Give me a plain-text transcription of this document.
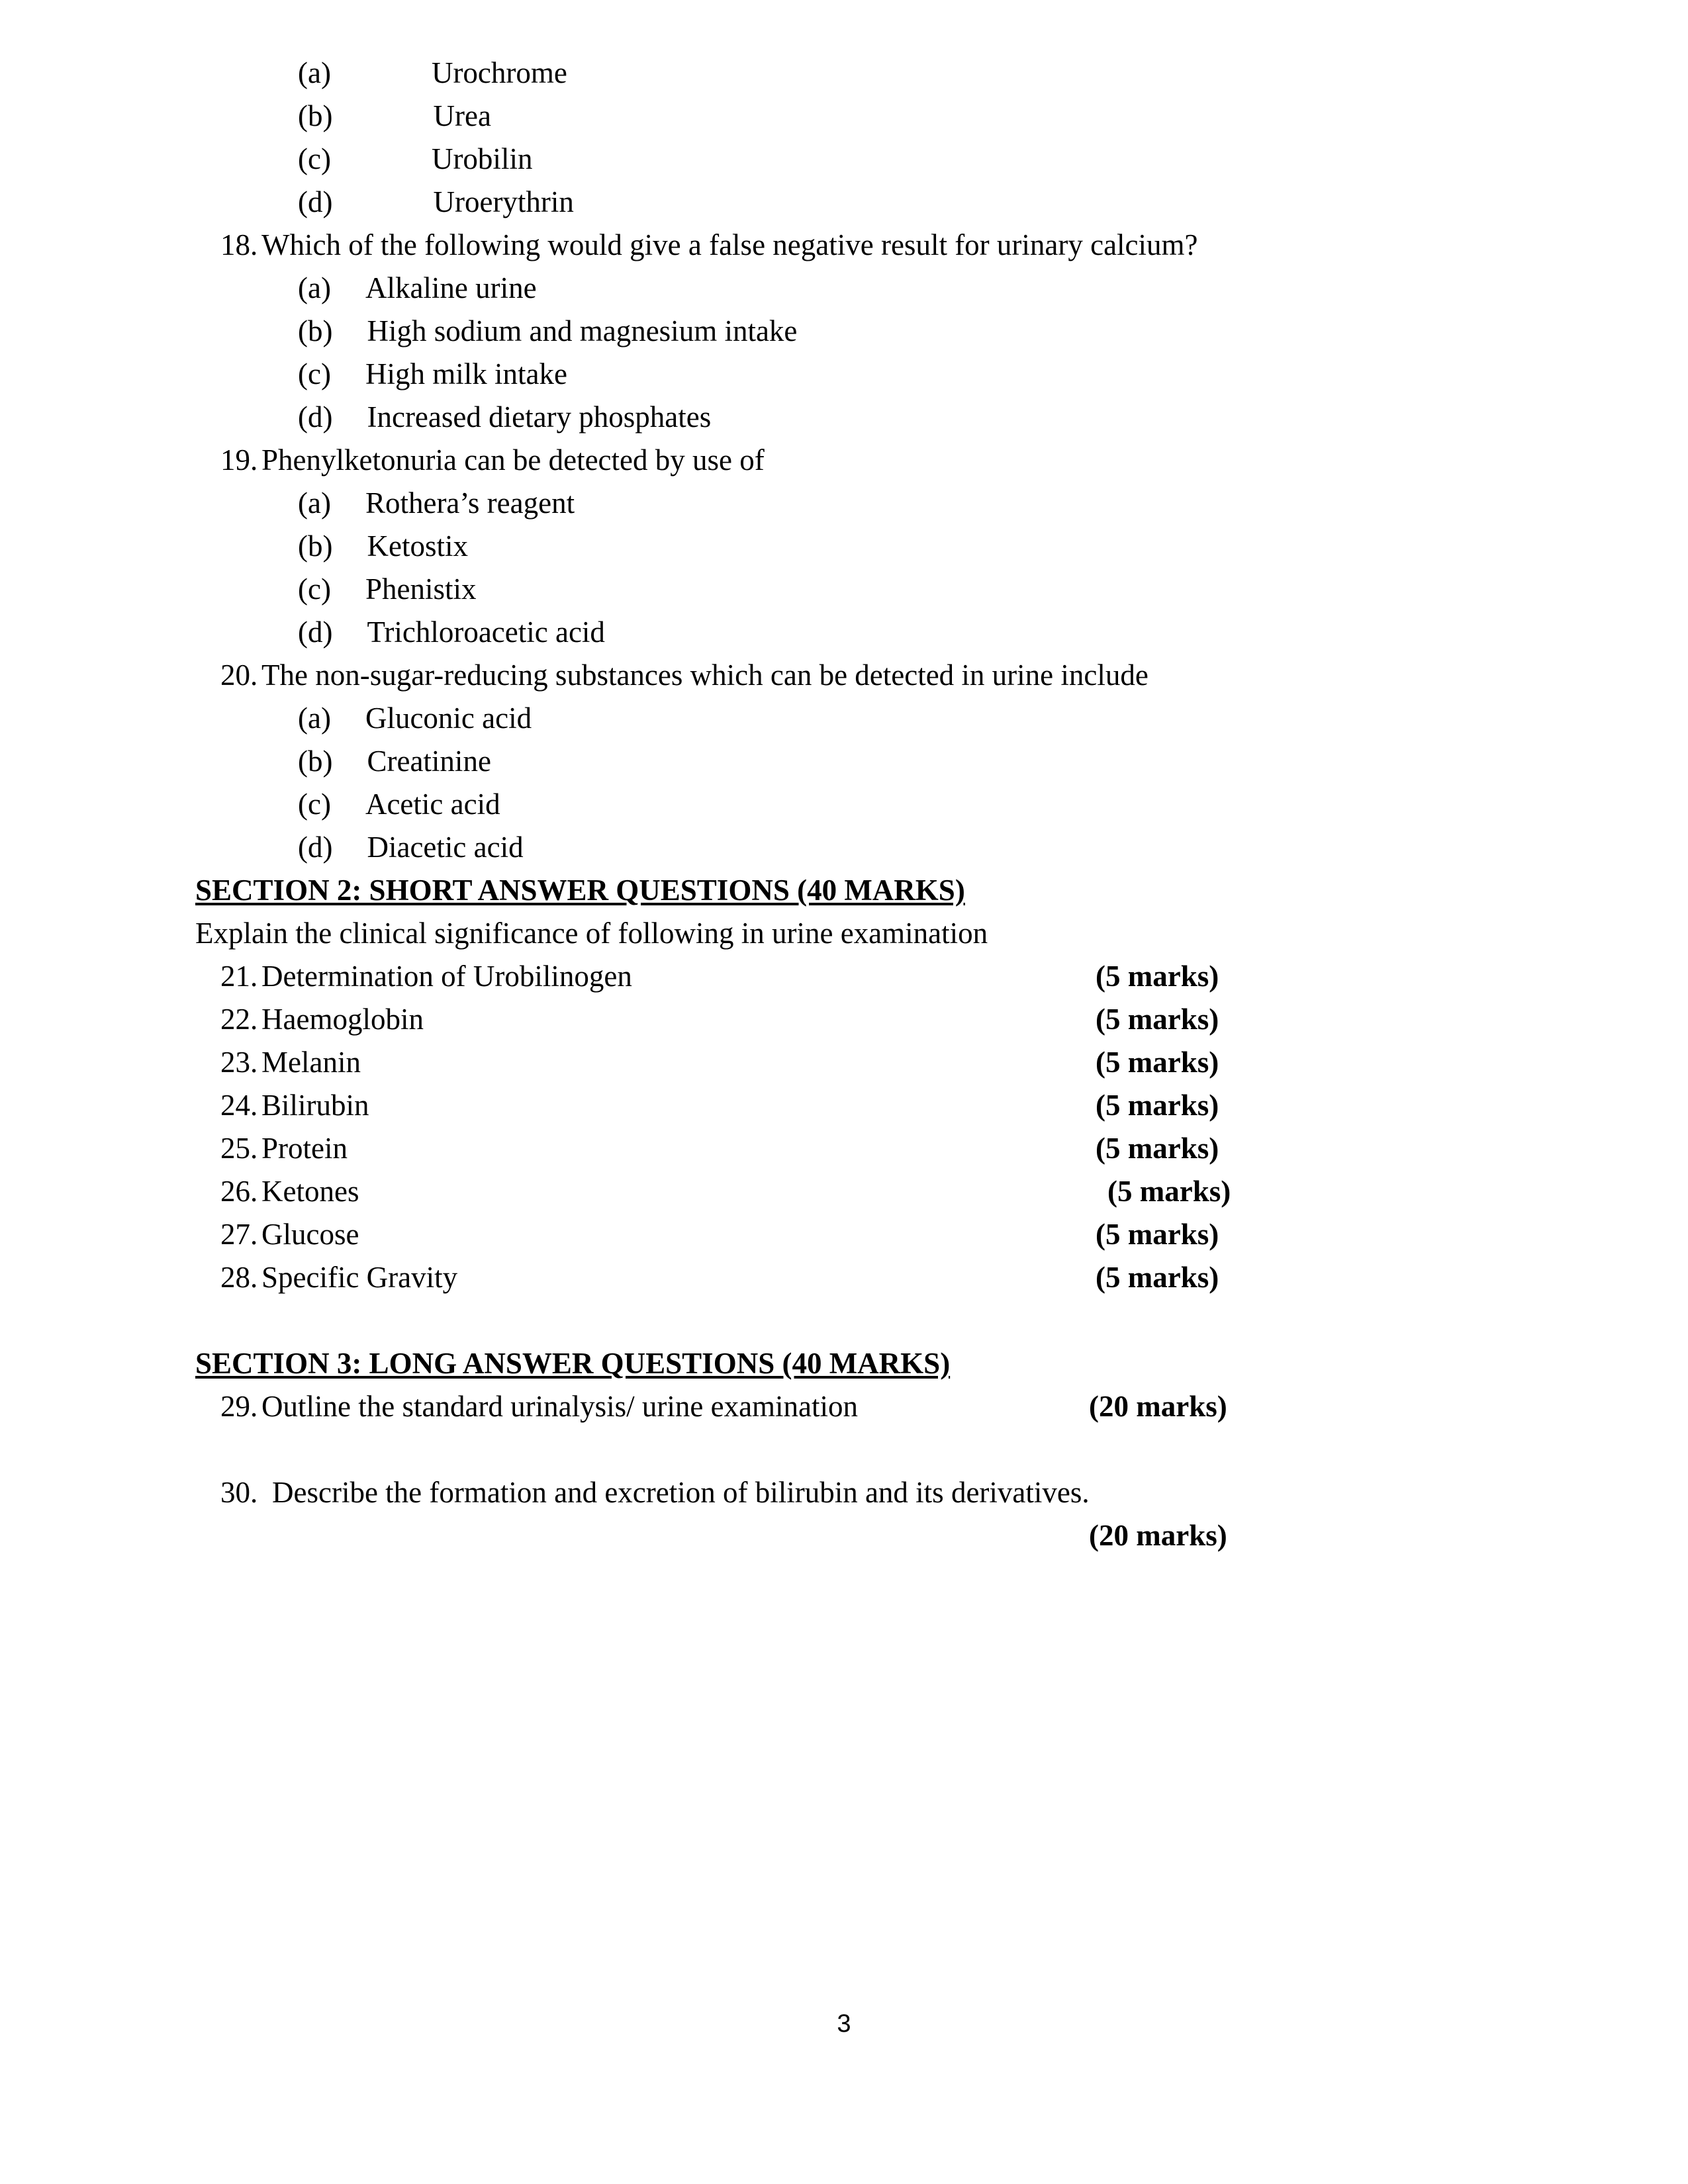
(a)	Urochrome
(b)	Urea
(c)	Urobilin
(d)	Uroerythrin
18. Which of the following would give a false negative result for urinary calcium?
(a) Alkaline urine
(b) High sodium and magnesium intake
(c) High milk intake
(d) Increased dietary phosphates
19. Phenylketonuria can be detected by use of
(a) Rothera’s reagent
(b) Ketostix
(c) Phenistix
(d) Trichloroacetic acid
20. The non-sugar-reducing substances which can be detected in urine include
(a) Gluconic acid
(b) Creatinine
(c) Acetic acid
(d) Diacetic acid
SECTION 2: SHORT ANSWER QUESTIONS (40 MARKS)
Explain the clinical significance of following in urine examination
21. Determination of Urobilinogen	(5 marks)
22. Haemoglobin	(5 marks)
23. Melanin	(5 marks)
24. Bilirubin	(5 marks)
25. Protein	(5 marks)
26. Ketones	(5 marks)
27. Glucose	(5 marks)
28. Specific Gravity	(5 marks)

SECTION 3: LONG ANSWER QUESTIONS (40 MARKS)
29. Outline the standard urinalysis/ urine examination	(20 marks)

30. Describe the formation and excretion of bilirubin and its derivatives.
(20 marks)
3
